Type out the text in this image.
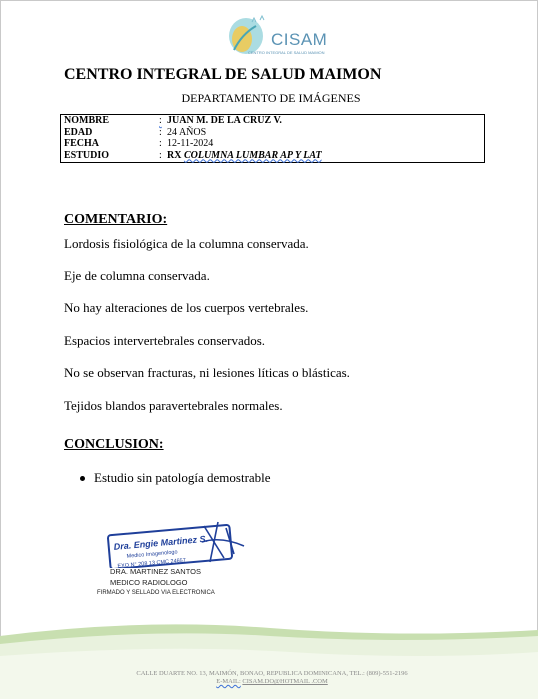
CISAM
CENTRO INTEGRAL DE SALUD MAIMON
CENTRO INTEGRAL DE SALUD MAIMON
DEPARTAMENTO DE IMÁGENES
NOMBRE	: JUAN M. DE LA CRUZ V.
EDAD	: 24 AÑOS
FECHA	: 12-11-2024
ESTUDIO	: RX COLUMNA LUMBAR AP Y LAT
COMENTARIO:
Lordosis fisiológica de la columna conservada.
Eje de columna conservada.
No hay alteraciones de los cuerpos vertebrales.
Espacios intervertebrales conservados.
No se observan fracturas, ni lesiones líticas o blásticas.
Tejidos blandos paravertebrales normales.
CONCLUSION:
Estudio sin patología demostrable
Dra. Engie Martinez S.
Medico Imagenologo
EXQ N° 208 13 CMC 24657
DRA. MARTINEZ SANTOS
MEDICO RADIOLOGO
FIRMADO Y SELLADO VIA ELECTRONICA
CALLE DUARTE NO. 13, MAIMÓN, BONAO, REPUBLICA DOMINICANA, TEL.: (809)-551-2196
E-MAIL: CISAM.DO@HOTMAIL .COM
